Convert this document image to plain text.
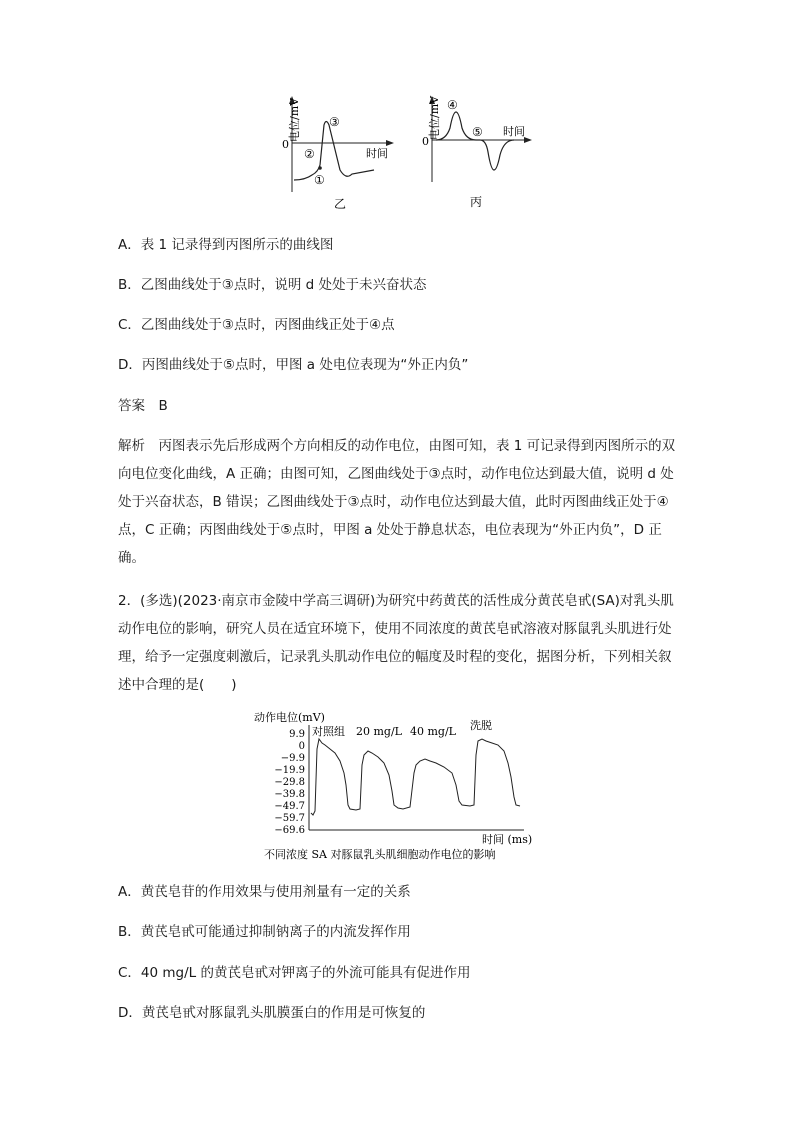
电位/mV
0
时间
①
②
③	电位/mV
0
时间
④
⑤
乙	丙
A．表 1 记录得到丙图所示的曲线图
B．乙图曲线处于③点时，说明 d 处处于未兴奋状态
C．乙图曲线处于③点时，丙图曲线正处于④点
D．丙图曲线处于⑤点时，甲图 a 处电位表现为“外正内负”
答案　B
解析　丙图表示先后形成两个方向相反的动作电位，由图可知，表 1 可记录得到丙图所示的双向电位变化曲线，A 正确；由图可知，乙图曲线处于③点时，动作电位达到最大值，说明 d 处处于兴奋状态，B 错误；乙图曲线处于③点时，动作电位达到最大值，此时丙图曲线正处于④点，C 正确；丙图曲线处于⑤点时，甲图 a 处处于静息状态，电位表现为“外正内负”，D 正确。
2．(多选)(2023·南京市金陵中学高三调研)为研究中药黄芪的活性成分黄芪皂甙(SA)对乳头肌动作电位的影响，研究人员在适宜环境下，使用不同浓度的黄芪皂甙溶液对豚鼠乳头肌进行处理，给予一定强度刺激后，记录乳头肌动作电位的幅度及时程的变化，据图分析，下列相关叙述中合理的是(　　)
动作电位(mV)
9.9
0
−9.9
−19.9
−29.8
−39.8
−49.7
−59.7
−69.6
对照组 20 mg/L 40 mg/L 洗脱
时间 (ms)
不同浓度 SA 对豚鼠乳头肌细胞动作电位的影响
A．黄芪皂苷的作用效果与使用剂量有一定的关系
B．黄芪皂甙可能通过抑制钠离子的内流发挥作用
C．40 mg/L 的黄芪皂甙对钾离子的外流可能具有促进作用
D．黄芪皂甙对豚鼠乳头肌膜蛋白的作用是可恢复的
